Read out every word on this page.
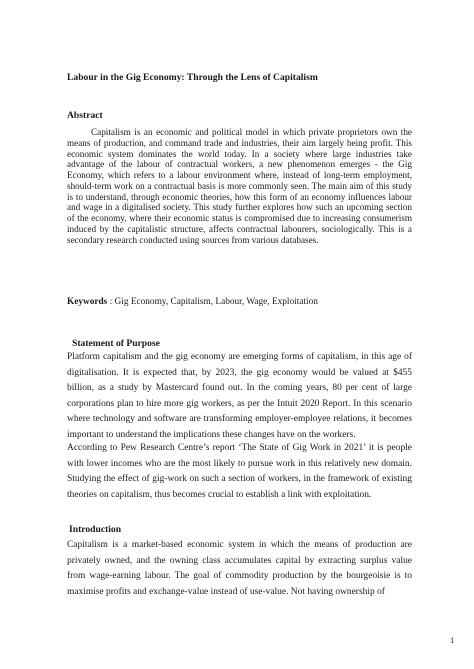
Labour in the Gig Economy: Through the Lens of Capitalism
Abstract

Capitalism is an economic and political model in which private proprietors own the means of production, and command trade and industries, their aim largely being profit. This economic system dominates the world today. In a society where large industries take advantage of the labour of contractual workers, a new phenomenon emerges - the Gig Economy, which refers to a labour environment where, instead of long-term employment, should-term work on a contractual basis is more commonly seen. The main aim of this study is to understand, through economic theories, how this form of an economy influences labour and wage in a digitalised society. This study further explores how such an upcoming section of the economy, where their economic status is compromised due to increasing consumerism induced by the capitalistic structure, affects contractual labourers, sociologically. This is a secondary research conducted using sources from various databases.

Keywords : Gig Economy, Capitalism, Labour, Wage, Exploitation
Statement of Purpose

Platform capitalism and the gig economy are emerging forms of capitalism, in this age of digitalisation. It is expected that, by 2023, the gig economy would be valued at $455 billion, as a study by Mastercard found out. In the coming years, 80 per cent of large corporations plan to hire more gig workers, as per the Intuit 2020 Report. In this scenario where technology and software are transforming employer-employee relations, it becomes important to understand the implications these changes have on the workers.

According to Pew Research Centre’s report ‘The State of Gig Work in 2021’ it is people with lower incomes who are the most likely to pursue work in this relatively new domain. Studying the effect of gig-work on such a section of workers, in the framework of existing theories on capitalism, thus becomes crucial to establish a link with exploitation.

Introduction

Capitalism is a market-based economic system in which the means of production are privately owned, and the owning class accumulates capital by extracting surplus value from wage-earning labour. The goal of commodity production by the bourgeoisie is to maximise profits and exchange-value instead of use-value. Not having ownership of

1
